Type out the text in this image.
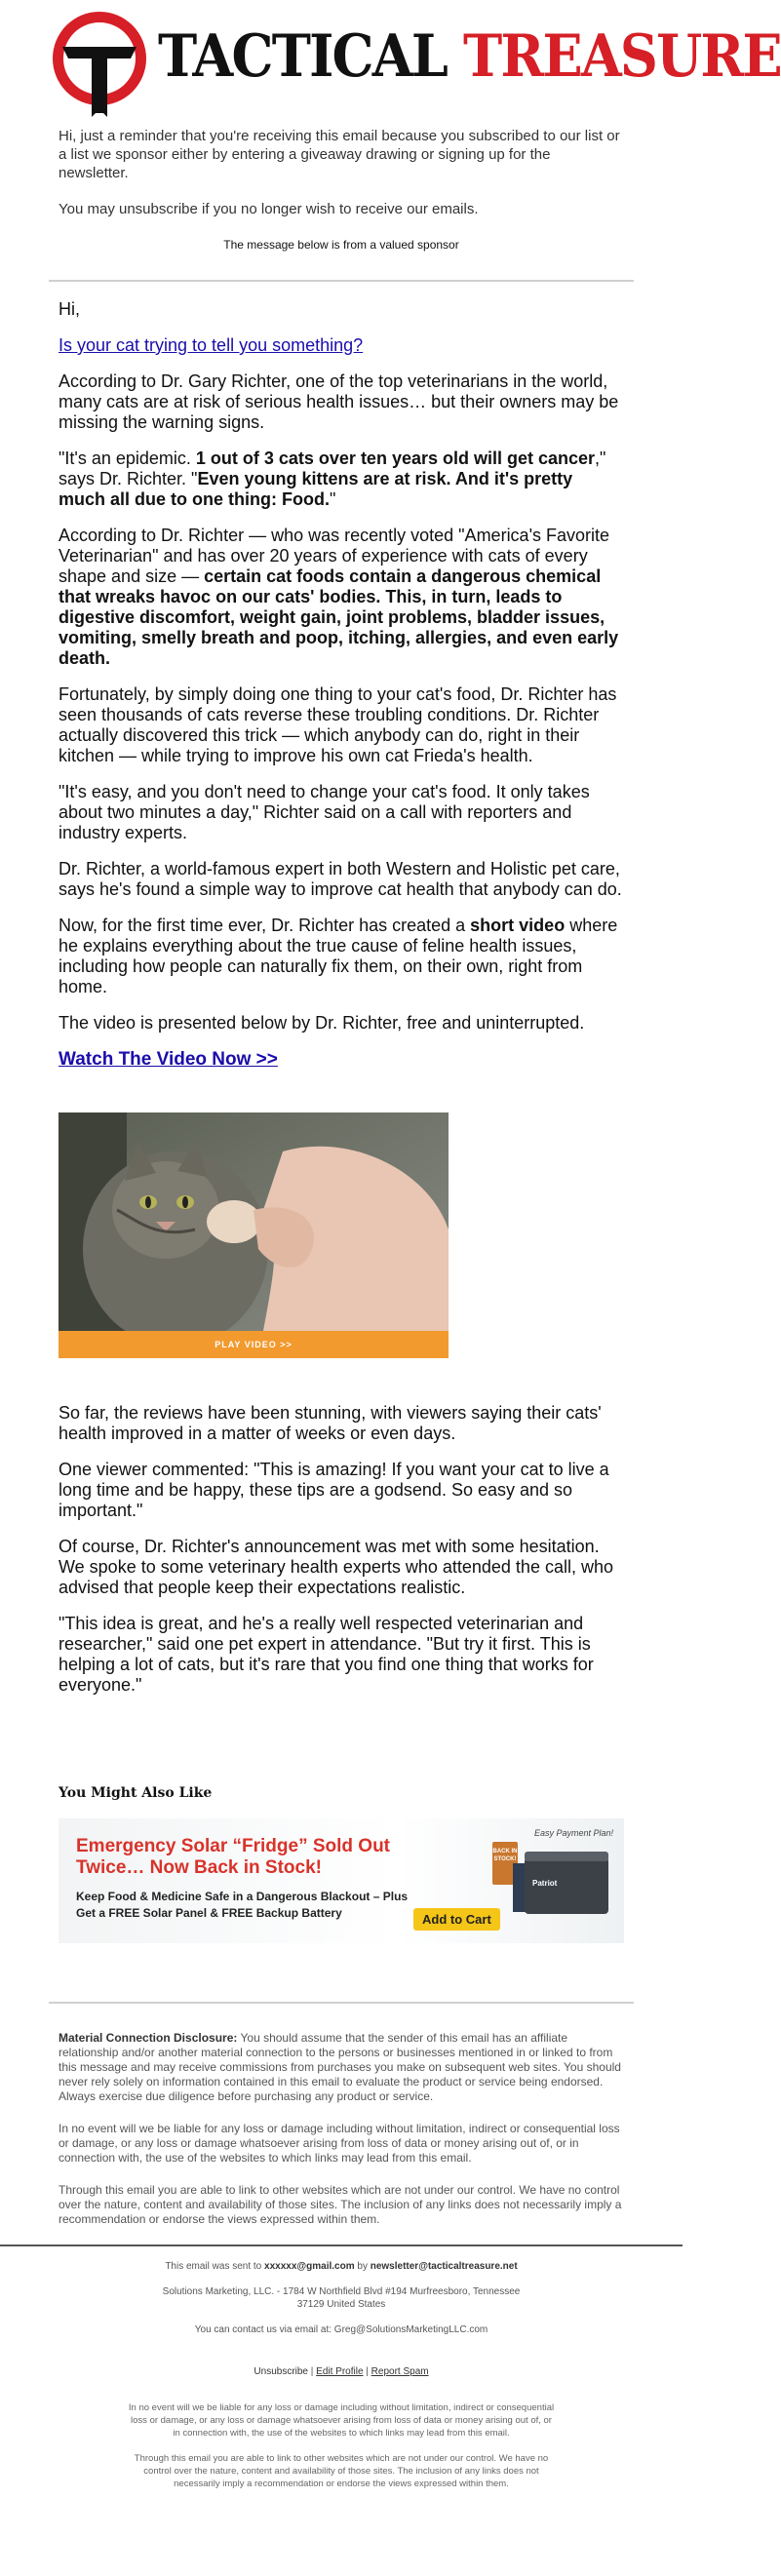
TACTICAL TREASURE

Hi, just a reminder that you're receiving this email because you subscribed to our list or a list we sponsor either by entering a giveaway drawing or signing up for the newsletter.

You may unsubscribe if you no longer wish to receive our emails.

The message below is from a valued sponsor

Hi,

Is your cat trying to tell you something?

According to Dr. Gary Richter, one of the top veterinarians in the world, many cats are at risk of serious health issues… but their owners may be missing the warning signs.

"It's an epidemic. 1 out of 3 cats over ten years old will get cancer," says Dr. Richter. "Even young kittens are at risk. And it's pretty much all due to one thing: Food."

According to Dr. Richter — who was recently voted "America's Favorite Veterinarian" and has over 20 years of experience with cats of every shape and size — certain cat foods contain a dangerous chemical that wreaks havoc on our cats' bodies. This, in turn, leads to digestive discomfort, weight gain, joint problems, bladder issues, vomiting, smelly breath and poop, itching, allergies, and even early death.

Fortunately, by simply doing one thing to your cat's food, Dr. Richter has seen thousands of cats reverse these troubling conditions. Dr. Richter actually discovered this trick — which anybody can do, right in their kitchen — while trying to improve his own cat Frieda's health.

"It's easy, and you don't need to change your cat's food. It only takes about two minutes a day," Richter said on a call with reporters and industry experts.

Dr. Richter, a world-famous expert in both Western and Holistic pet care, says he's found a simple way to improve cat health that anybody can do.

Now, for the first time ever, Dr. Richter has created a short video where he explains everything about the true cause of feline health issues, including how people can naturally fix them, on their own, right from home.

The video is presented below by Dr. Richter, free and uninterrupted.

Watch The Video Now >>

PLAY VIDEO >>

So far, the reviews have been stunning, with viewers saying their cats' health improved in a matter of weeks or even days.

One viewer commented: "This is amazing! If you want your cat to live a long time and be happy, these tips are a godsend. So easy and so important."

Of course, Dr. Richter's announcement was met with some hesitation. We spoke to some veterinary health experts who attended the call, who advised that people keep their expectations realistic.

"This idea is great, and he's a really well respected veterinarian and researcher," said one pet expert in attendance. "But try it first. This is helping a lot of cats, but it's rare that you find one thing that works for everyone."

You Might Also Like
Emergency Solar “Fridge” Sold Out Twice… Now Back in Stock!
Keep Food & Medicine Safe in a Dangerous Blackout – Plus Get a FREE Solar Panel & FREE Backup Battery	Add to Cart
BACK IN STOCK!
Easy Payment Plan!
Patriot

Material Connection Disclosure: You should assume that the sender of this email has an affiliate relationship and/or another material connection to the persons or businesses mentioned in or linked to from this message and may receive commissions from purchases you make on subsequent web sites. You should never rely solely on information contained in this email to evaluate the product or service being endorsed. Always exercise due diligence before purchasing any product or service.

In no event will we be liable for any loss or damage including without limitation, indirect or consequential loss or damage, or any loss or damage whatsoever arising from loss of data or money arising out of, or in connection with, the use of the websites to which links may lead from this email.

Through this email you are able to link to other websites which are not under our control. We have no control over the nature, content and availability of those sites. The inclusion of any links does not necessarily imply a recommendation or endorse the views expressed within them.

This email was sent to xxxxxx@gmail.com by newsletter@tacticaltreasure.net

Solutions Marketing, LLC. - 1784 W Northfield Blvd #194 Murfreesboro, Tennessee
37129 United States

You can contact us via email at: Greg@SolutionsMarketingLLC.com

Unsubscribe | Edit Profile | Report Spam

In no event will we be liable for any loss or damage including without limitation, indirect or consequential loss or damage, or any loss or damage whatsoever arising from loss of data or money arising out of, or in connection with, the use of the websites to which links may lead from this email.

Through this email you are able to link to other websites which are not under our control. We have no control over the nature, content and availability of those sites. The inclusion of any links does not necessarily imply a recommendation or endorse the views expressed within them.
